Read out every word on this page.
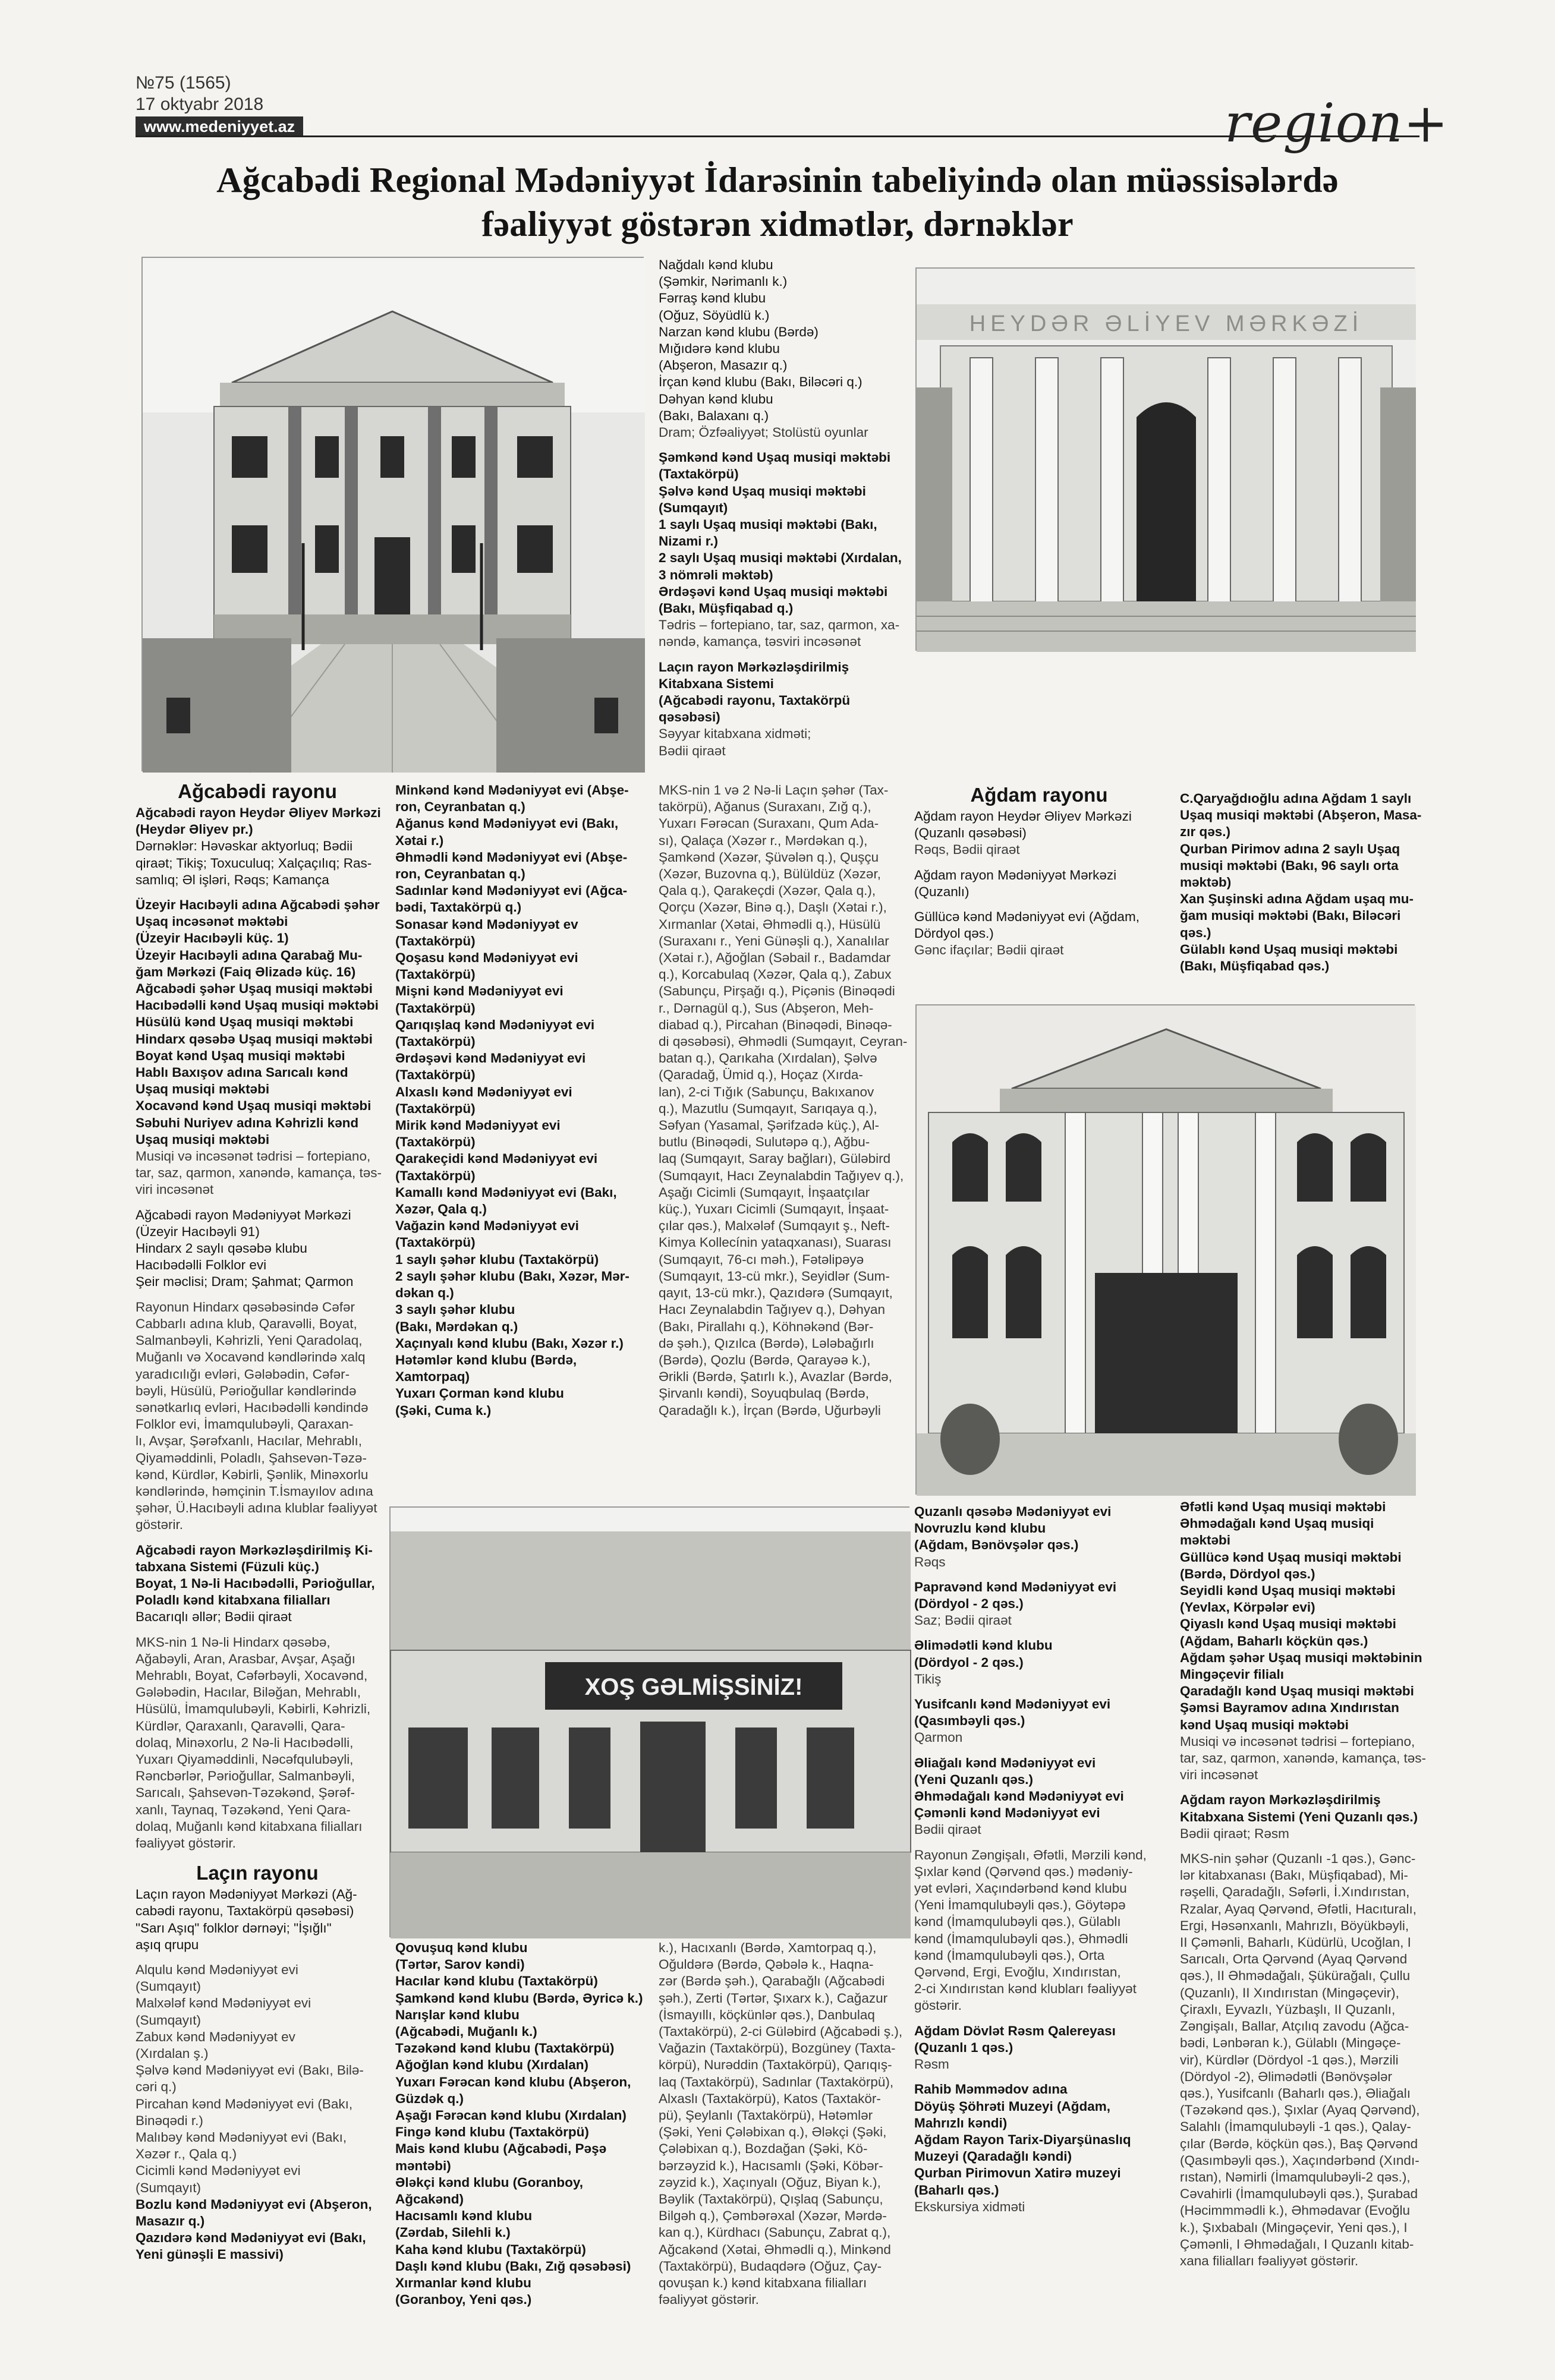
№75 (1565)
17 oktyabr 2018
www.medeniyyet.az	region+
Ağcabədi Regional Mədəniyyət İdarəsinin tabeliyində olan müəssisələrdə
fəaliyyət göstərən xidmətlər, dərnəklər
Nağdalı kənd klubu
(Şəmkir, Nərimanlı k.)
Fərraş kənd klubu
(Oğuz, Söyüdlü k.)
Narzan kənd klubu (Bərdə)
Mığıdərə kənd klubu
(Abşeron, Masazır q.)
İrçan kənd klubu (Bakı, Biləcəri q.)
Dəhyan kənd klubu
(Bakı, Balaxanı q.)
Dram; Özfəaliyyət; Stolüstü oyunlar

Şəmkənd kənd Uşaq musiqi məktəbi
(Taxtakörpü)
Şəlvə kənd Uşaq musiqi məktəbi
(Sumqayıt)
1 saylı Uşaq musiqi məktəbi (Bakı,
Nizami r.)
2 saylı Uşaq musiqi məktəbi (Xırdalan,
3 nömrəli məktəb)
Ərdəşəvi kənd Uşaq musiqi məktəbi
(Bakı, Müşfiqabad q.)
Tədris – fortepiano, tar, saz, qarmon, xa-
nəndə, kamança, təsviri incəsənət

Laçın rayon Mərkəzləşdirilmiş
Kitabxana Sistemi
(Ağcabədi rayonu, Taxtakörpü
qəsəbəsi)
Səyyar kitabxana xidməti;
Bədii qiraət
HEYDƏR ƏLİYEV MƏRKƏZİ
XOŞ GƏLMİŞSİNİZ!
Ağcabədi rayonu
Ağcabədi rayon Heydər Əliyev Mərkəzi
(Heydər Əliyev pr.)
Dərnəklər: Həvəskar aktyorluq; Bədii
qiraət; Tikiş; Toxuculuq; Xalçaçılıq; Ras-
samlıq; Əl işləri, Rəqs; Kamança

Üzeyir Hacıbəyli adına Ağcabədi şəhər
Uşaq incəsənət məktəbi
(Üzeyir Hacıbəyli küç. 1)
Üzeyir Hacıbəyli adına Qarabağ Mu-
ğam Mərkəzi (Faiq Əlizadə küç. 16)
Ağcabədi şəhər Uşaq musiqi məktəbi
Hacıbədəlli kənd Uşaq musiqi məktəbi
Hüsülü kənd Uşaq musiqi məktəbi
Hindarx qəsəbə Uşaq musiqi məktəbi
Boyat kənd Uşaq musiqi məktəbi
Hablı Baxışov adına Sarıcalı kənd
Uşaq musiqi məktəbi
Xocavənd kənd Uşaq musiqi məktəbi
Səbuhi Nuriyev adına Kəhrizli kənd
Uşaq musiqi məktəbi
Musiqi və incəsənət tədrisi – fortepiano,
tar, saz, qarmon, xanəndə, kamança, təs-
viri incəsənət

Ağcabədi rayon Mədəniyyət Mərkəzi
(Üzeyir Hacıbəyli 91)
Hindarx 2 saylı qəsəbə klubu
Hacıbədəlli Folklor evi
Şeir məclisi; Dram; Şahmat; Qarmon

Rayonun Hindarx qəsəbəsində Cəfər
Cabbarlı adına klub, Qaravəlli, Boyat,
Salmanbəyli, Kəhrizli, Yeni Qaradolaq,
Muğanlı və Xocavənd kəndlərində xalq
yaradıcılığı evləri, Gələbədin, Cəfər-
bəyli, Hüsülü, Pərioğullar kəndlərində
sənətkarlıq evləri, Hacıbədəlli kəndində
Folklor evi, İmamqulubəyli, Qaraxan-
lı, Avşar, Şərəfxanlı, Hacılar, Mehrablı,
Qiyaməddinli, Poladlı, Şahsevən-Təzə-
kənd, Kürdlər, Kəbirli, Şənlik, Minəxorlu
kəndlərində, həmçinin T.İsmayılov adına
şəhər, Ü.Hacıbəyli adına klublar fəaliyyət
göstərir.

Ağcabədi rayon Mərkəzləşdirilmiş Ki-
tabxana Sistemi (Füzuli küç.)
Boyat, 1 Nə-li Hacıbədəlli, Pərioğullar,
Poladlı kənd kitabxana filialları
Bacarıqlı əllər; Bədii qiraət

MKS-nin 1 Nə-li Hindarx qəsəbə,
Ağabəyli, Aran, Arasbar, Avşar, Aşağı
Mehrablı, Boyat, Cəfərbəyli, Xocavənd,
Gələbədin, Hacılar, Biləğan, Mehrablı,
Hüsülü, İmamqulubəyli, Kəbirli, Kəhrizli,
Kürdlər, Qaraxanlı, Qaravəlli, Qara-
dolaq, Minəxorlu, 2 Nə-li Hacıbədəlli,
Yuxarı Qiyaməddinli, Nəcəfqulubəyli,
Rəncbərlər, Pərioğullar, Salmanbəyli,
Sarıcalı, Şahsevən-Təzəkənd, Şərəf-
xanlı, Taynaq, Təzəkənd, Yeni Qara-
dolaq, Muğanlı kənd kitabxana filialları
fəaliyyət göstərir.

Laçın rayonu
Laçın rayon Mədəniyyət Mərkəzi (Ağ-
cabədi rayonu, Taxtakörpü qəsəbəsi)
"Sarı Aşıq" folklor dərnəyi; "İşığlı"
aşıq qrupu

Alqulu kənd Mədəniyyət evi
(Sumqayıt)
Malxələf kənd Mədəniyyət evi
(Sumqayıt)
Zabux kənd Mədəniyyət ev
(Xırdalan ş.)
Şəlvə kənd Mədəniyyət evi (Bakı, Bilə-
cəri q.)
Pircahan kənd Mədəniyyət evi (Bakı,
Binəqədi r.)
Malıbəy kənd Mədəniyyət evi (Bakı,
Xəzər r., Qala q.)
Cicimli kənd Mədəniyyət evi
(Sumqayıt)
Bozlu kənd Mədəniyyət evi (Abşeron,
Masazır q.)
Qazıdərə kənd Mədəniyyət evi (Bakı,
Yeni günəşli E massivi)
Minkənd kənd Mədəniyyət evi (Abşe-
ron, Ceyranbatan q.)
Ağanus kənd Mədəniyyət evi (Bakı,
Xətai r.)
Əhmədli kənd Mədəniyyət evi (Abşe-
ron, Ceyranbatan q.)
Sadınlar kənd Mədəniyyət evi (Ağca-
bədi, Taxtakörpü q.)
Sonasar kənd Mədəniyyət ev
(Taxtakörpü)
Qoşasu kənd Mədəniyyət evi
(Taxtakörpü)
Mişni kənd Mədəniyyət evi
(Taxtakörpü)
Qarıqışlaq kənd Mədəniyyət evi
(Taxtakörpü)
Ərdəşəvi kənd Mədəniyyət evi
(Taxtakörpü)
Alxaslı kənd Mədəniyyət evi
(Taxtakörpü)
Mirik kənd Mədəniyyət evi
(Taxtakörpü)
Qarakeçidi kənd Mədəniyyət evi
(Taxtakörpü)
Kamallı kənd Mədəniyyət evi (Bakı,
Xəzər, Qala q.)
Vağazin kənd Mədəniyyət evi
(Taxtakörpü)
1 saylı şəhər klubu (Taxtakörpü)
2 saylı şəhər klubu (Bakı, Xəzər, Mər-
dəkan q.)
3 saylı şəhər klubu
(Bakı, Mərdəkan q.)
Xaçınyalı kənd klubu (Bakı, Xəzər r.)
Hətəmlər kənd klubu (Bərdə,
Xamtorpaq)
Yuxarı Çorman kənd klubu
(Şəki, Cuma k.)
Qovuşuq kənd klubu
(Tərtər, Sarov kəndi)
Hacılar kənd klubu (Taxtakörpü)
Şamkənd kənd klubu (Bərdə, Əyricə k.)
Narışlar kənd klubu
(Ağcabədi, Muğanlı k.)
Təzəkənd kənd klubu (Taxtakörpü)
Ağoğlan kənd klubu (Xırdalan)
Yuxarı Fərəcan kənd klubu (Abşeron,
Güzdək q.)
Aşağı Fərəcan kənd klubu (Xırdalan)
Fingə kənd klubu (Taxtakörpü)
Mais kənd klubu (Ağcabədi, Pəşə
məntəbi)
Ələkçi kənd klubu (Goranboy,
Ağcakənd)
Hacısamlı kənd klubu
(Zərdab, Silehli k.)
Kaha kənd klubu (Taxtakörpü)
Daşlı kənd klubu (Bakı, Zığ qəsəbəsi)
Xırmanlar kənd klubu
(Goranboy, Yeni qəs.)
MKS-nin 1 və 2 Nə-li Laçın şəhər (Tax-
takörpü), Ağanus (Suraxanı, Zığ q.),
Yuxarı Fərəcan (Suraxanı, Qum Ada-
sı), Qalaça (Xəzər r., Mərdəkan q.),
Şamkənd (Xəzər, Şüvələn q.), Quşçu
(Xəzər, Buzovna q.), Bülüldüz (Xəzər,
Qala q.), Qarakeçdi (Xəzər, Qala q.),
Qorçu (Xəzər, Binə q.), Daşlı (Xətai r.),
Xırmanlar (Xətai, Əhmədli q.), Hüsülü
(Suraxanı r., Yeni Günəşli q.), Xanalılar
(Xətai r.), Ağoğlan (Səbail r., Badamdar
q.), Korcabulaq (Xəzər, Qala q.), Zabux
(Sabunçu, Pirşağı q.), Piçənis (Binəqədi
r., Dərnagül q.), Sus (Abşeron, Meh-
diabad q.), Pircahan (Binəqədi, Binəqə-
di qəsəbəsi), Əhmədli (Sumqayıt, Ceyran-
batan q.), Qarıkaha (Xırdalan), Şəlvə
(Qaradağ, Ümid q.), Hoçaz (Xırda-
lan), 2-ci Tığık (Sabunçu, Bakıxanov
q.), Mazutlu (Sumqayıt, Sarıqaya q.),
Səfyan (Yasamal, Şərifzadə küç.), Al-
butlu (Binəqədi, Sulutəpə q.), Ağbu-
laq (Sumqayıt, Saray bağları), Güləbird
(Sumqayıt, Hacı Zeynalabdin Tağıyev q.),
Aşağı Cicimli (Sumqayıt, İnşaatçılar
küç.), Yuxarı Cicimli (Sumqayıt, İnşaat-
çılar qəs.), Malxələf (Sumqayıt ş., Neft-
Kimya Kollecínin yataqxanası), Suarası
(Sumqayıt, 76-cı məh.), Fətəlipəyə
(Sumqayıt, 13-cü mkr.), Seyidlər (Sum-
qayıt, 13-cü mkr.), Qazıdərə (Sumqayıt,
Hacı Zeynalabdin Tağıyev q.), Dəhyan
(Bakı, Pirallahı q.), Köhnəkənd (Bər-
də şəh.), Qızılca (Bərdə), Lələbağırlı
(Bərdə), Qozlu (Bərdə, Qarayəə k.),
Ərikli (Bərdə, Şatırlı k.), Avazlar (Bərdə,
Şirvanlı kəndi), Soyuqbulaq (Bərdə,
Qaradağlı k.), İrçan (Bərdə, Uğurbəyli
k.), Hacıxanlı (Bərdə, Xamtorpaq q.),
Oğuldərə (Bərdə, Qəbələ k., Haqna-
zər (Bərdə şəh.), Qarabağlı (Ağcabədi
şəh.), Zerti (Tərtər, Şıxarx k.), Cağazur
(İsmayıllı, köçkünlər qəs.), Danbulaq
(Taxtakörpü), 2-ci Güləbird (Ağcabədi ş.),
Vağazin (Taxtakörpü), Bozgüney (Taxta-
körpü), Nurəddin (Taxtakörpü), Qarıqış-
laq (Taxtakörpü), Sadınlar (Taxtakörpü),
Alxaslı (Taxtakörpü), Katos (Taxtakör-
pü), Şeylanlı (Taxtakörpü), Hətəmlər
(Şəki, Yeni Çələbixan q.), Ələkçi (Şəki,
Çələbixan q.), Bozdağan (Şəki, Kö-
bərzəyzid k.), Hacısamlı (Şəki, Köbər-
zəyzid k.), Xaçınyalı (Oğuz, Biyan k.),
Bəylik (Taxtakörpü), Qışlaq (Sabunçu,
Bilgəh q.), Çəmbərəxal (Xəzər, Mərdə-
kan q.), Kürdhacı (Sabunçu, Zabrat q.),
Ağcakənd (Xətai, Əhmədli q.), Minkənd
(Taxtakörpü), Budaqdərə (Oğuz, Çay-
qovuşan k.) kənd kitabxana filialları
fəaliyyət göstərir.
Ağdam rayonu
Ağdam rayon Heydər Əliyev Mərkəzi
(Quzanlı qəsəbəsi)
Rəqs, Bədii qiraət

Ağdam rayon Mədəniyyət Mərkəzi
(Quzanlı)

Güllücə kənd Mədəniyyət evi (Ağdam,
Dördyol qəs.)
Gənc ifaçılar; Bədii qiraət
C.Qaryağdıoğlu adına Ağdam 1 saylı
Uşaq musiqi məktəbi (Abşeron, Masa-
zır qəs.)
Qurban Pirimov adına 2 saylı Uşaq
musiqi məktəbi (Bakı, 96 saylı orta
məktəb)
Xan Şuşinski adına Ağdam uşaq mu-
ğam musiqi məktəbi (Bakı, Biləcəri
qəs.)
Gülablı kənd Uşaq musiqi məktəbi
(Bakı, Müşfiqabad qəs.)
Quzanlı qəsəbə Mədəniyyət evi
Novruzlu kənd klubu
(Ağdam, Bənövşələr qəs.)
Rəqs

Papravənd kənd Mədəniyyət evi
(Dördyol - 2 qəs.)
Saz; Bədii qiraət

Əlimədətli kənd klubu
(Dördyol - 2 qəs.)
Tikiş

Yusifcanlı kənd Mədəniyyət evi
(Qasımbəyli qəs.)
Qarmon

Əliağalı kənd Mədəniyyət evi
(Yeni Quzanlı qəs.)
Əhmədağalı kənd Mədəniyyət evi
Çəmənli kənd Mədəniyyət evi
Bədii qiraət

Rayonun Zəngişalı, Əfətli, Mərzili kənd,
Şıxlar kənd (Qərvənd qəs.) mədəniy-
yət evləri, Xaçındərbənd kənd klubu
(Yeni İmamqulubəyli qəs.), Göytəpə
kənd (İmamqulubəyli qəs.), Gülablı
kənd (İmamqulubəyli qəs.), Əhmədli
kənd (İmamqulubəyli qəs.), Orta
Qərvənd, Ergi, Evoğlu, Xındırıstan,
2-ci Xındırıstan kənd klubları fəaliyyət
göstərir.

Ağdam Dövlət Rəsm Qalereyası
(Quzanlı 1 qəs.)
Rəsm

Rahib Məmmədov adına
Döyüş Şöhrəti Muzeyi (Ağdam,
Mahrızlı kəndi)
Ağdam Rayon Tarix-Diyarşünaslıq
Muzeyi (Qaradağlı kəndi)
Qurban Pirimovun Xatirə muzeyi
(Baharlı qəs.)
Ekskursiya xidməti
Əfətli kənd Uşaq musiqi məktəbi
Əhmədağalı kənd Uşaq musiqi
məktəbi
Güllücə kənd Uşaq musiqi məktəbi
(Bərdə, Dördyol qəs.)
Seyidli kənd Uşaq musiqi məktəbi
(Yevlax, Körpələr evi)
Qiyaslı kənd Uşaq musiqi məktəbi
(Ağdam, Baharlı köçkün qəs.)
Ağdam şəhər Uşaq musiqi məktəbinin
Mingəçevir filialı
Qaradağlı kənd Uşaq musiqi məktəbi
Şəmsi Bayramov adına Xındırıstan
kənd Uşaq musiqi məktəbi
Musiqi və incəsənət tədrisi – fortepiano,
tar, saz, qarmon, xanəndə, kamança, təs-
viri incəsənət

Ağdam rayon Mərkəzləşdirilmiş
Kitabxana Sistemi (Yeni Quzanlı qəs.)
Bədii qiraət; Rəsm

MKS-nin şəhər (Quzanlı -1 qəs.), Gənc-
lər kitabxanası (Bakı, Müşfiqabad), Mi-
rəşelli, Qaradağlı, Səfərli, İ.Xındırıstan,
Rzalar, Ayaq Qərvənd, Əfətli, Hacıturalı,
Ergi, Həsənxanlı, Mahrızlı, Böyükbəyli,
II Çəmənli, Baharlı, Küdürlü, Ucoğlan, I
Sarıcalı, Orta Qərvənd (Ayaq Qərvənd
qəs.), II Əhmədağalı, Şükürağalı, Çullu
(Quzanlı), II Xındırıstan (Mingəçevir),
Çiraxlı, Eyvazlı, Yüzbaşlı, II Quzanlı,
Zəngişalı, Ballar, Atçılıq zavodu (Ağca-
bədi, Lənbəran k.), Gülablı (Mingəçe-
vir), Kürdlər (Dördyol -1 qəs.), Mərzili
(Dördyol -2), Əlimədətli (Bənövşələr
qəs.), Yusifcanlı (Baharlı qəs.), Əliağalı
(Təzəkənd qəs.), Şıxlar (Ayaq Qərvənd),
Salahlı (İmamqulubəyli -1 qəs.), Qalay-
çılar (Bərdə, köçkün qəs.), Baş Qərvənd
(Qasımbəyli qəs.), Xaçındərbənd (Xındı-
rıstan), Nəmirli (İmamqulubəyli-2 qəs.),
Cəvahirli (İmamqulubəyli qəs.), Şurabad
(Həcimmmədli k.), Əhmədavar (Evoğlu
k.), Şıxbabalı (Mingəçevir, Yeni qəs.), I
Çəmənli, I Əhmədağalı, I Quzanlı kitab-
xana filialları fəaliyyət göstərir.
